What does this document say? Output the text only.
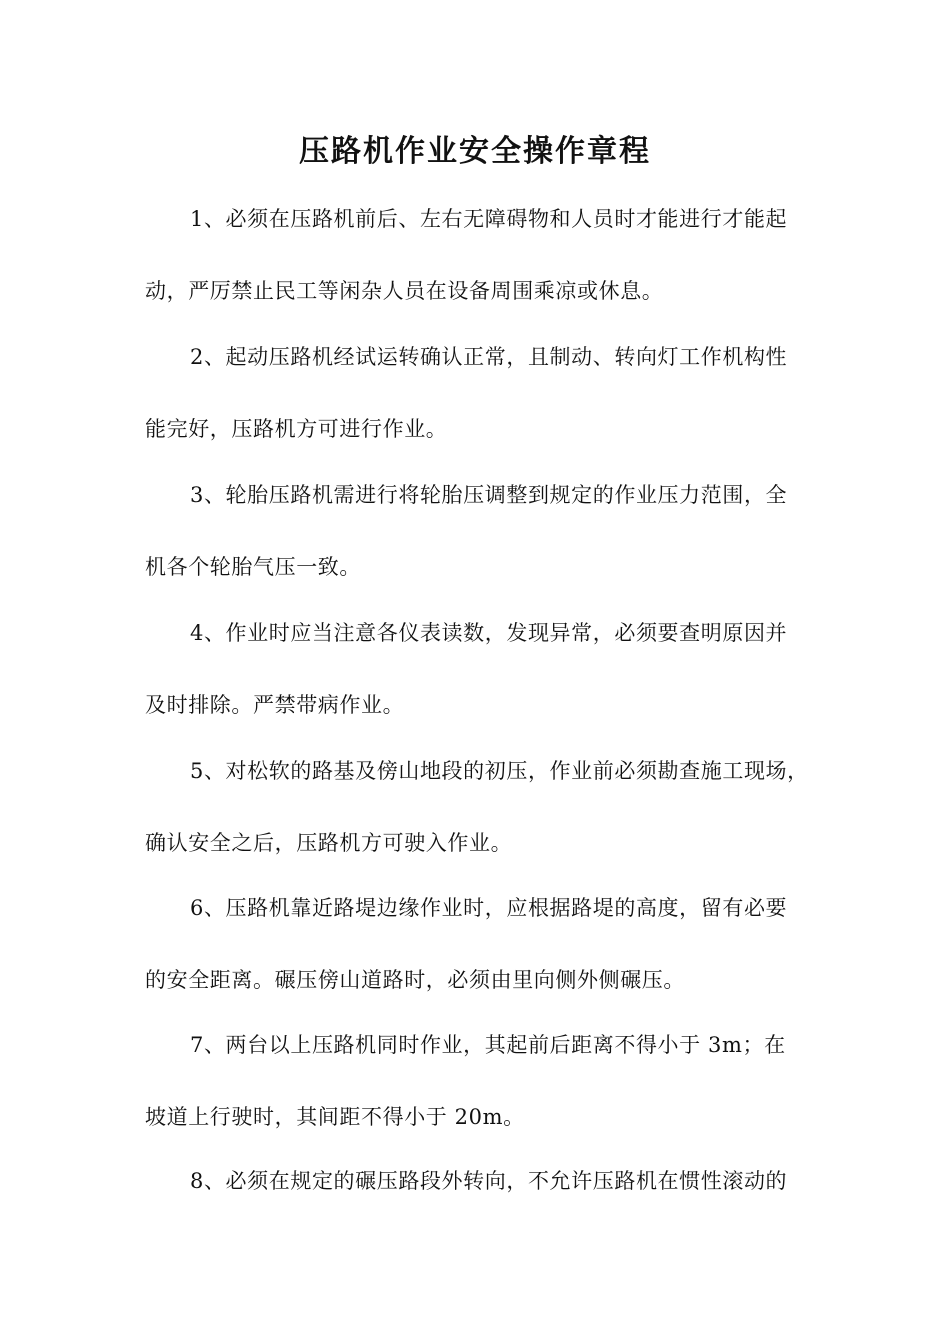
压路机作业安全操作章程
1、必须在压路机前后、左右无障碍物和人员时才能进行才能起
动，严厉禁止民工等闲杂人员在设备周围乘凉或休息。
2、起动压路机经试运转确认正常，且制动、转向灯工作机构性
能完好，压路机方可进行作业。
3、轮胎压路机需进行将轮胎压调整到规定的作业压力范围，全
机各个轮胎气压一致。
4、作业时应当注意各仪表读数，发现异常，必须要查明原因并
及时排除。严禁带病作业。
5、对松软的路基及傍山地段的初压，作业前必须勘查施工现场，
确认安全之后，压路机方可驶入作业。
6、压路机靠近路堤边缘作业时，应根据路堤的高度，留有必要
的安全距离。碾压傍山道路时，必须由里向侧外侧碾压。
7、两台以上压路机同时作业，其起前后距离不得小于 3m；在
坡道上行驶时，其间距不得小于 20m。
8、必须在规定的碾压路段外转向，不允许压路机在惯性滚动的
